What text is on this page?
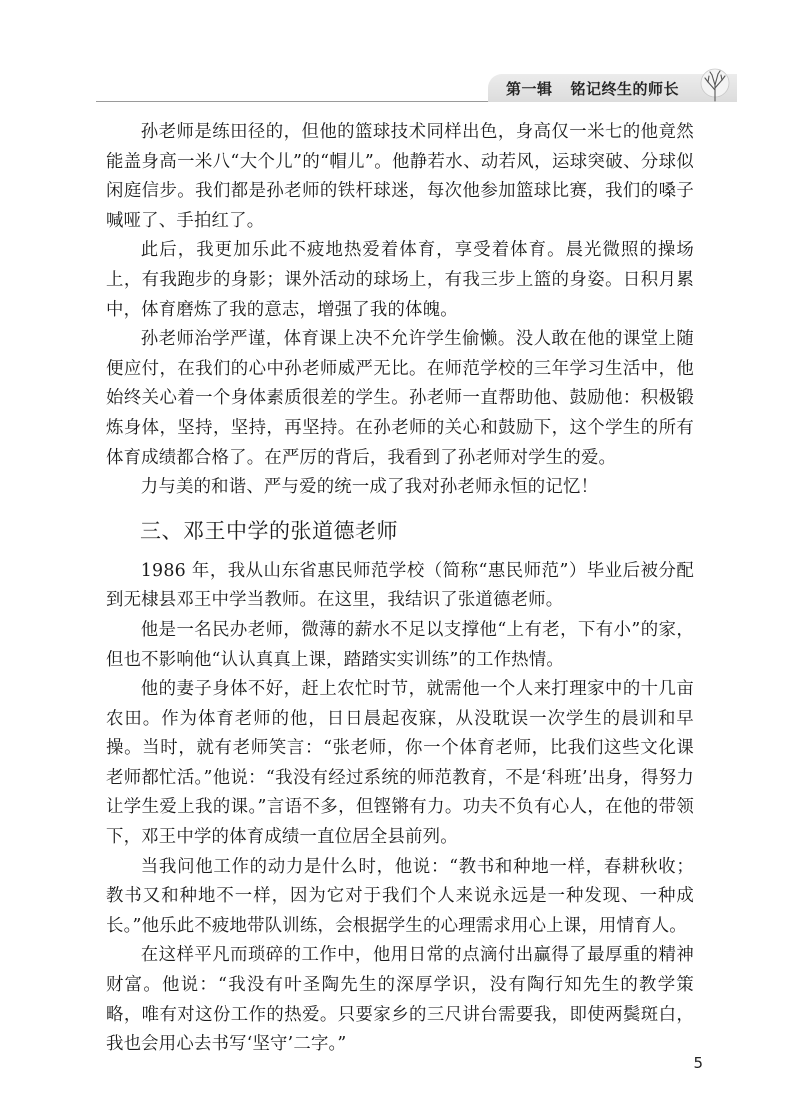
第一辑 铭记终生的师长

孙老师是练田径的，但他的篮球技术同样出色，身高仅一米七的他竟然能盖身高一米八“大个儿”的“帽儿”。他静若水、动若风，运球突破、分球似闲庭信步。我们都是孙老师的铁杆球迷，每次他参加篮球比赛，我们的嗓子喊哑了、手拍红了。

此后，我更加乐此不疲地热爱着体育，享受着体育。晨光微照的操场上，有我跑步的身影；课外活动的球场上，有我三步上篮的身姿。日积月累中，体育磨炼了我的意志，增强了我的体魄。

孙老师治学严谨，体育课上决不允许学生偷懒。没人敢在他的课堂上随便应付，在我们的心中孙老师威严无比。在师范学校的三年学习生活中，他始终关心着一个身体素质很差的学生。孙老师一直帮助他、鼓励他：积极锻炼身体，坚持，坚持，再坚持。在孙老师的关心和鼓励下，这个学生的所有体育成绩都合格了。在严厉的背后，我看到了孙老师对学生的爱。

力与美的和谐、严与爱的统一成了我对孙老师永恒的记忆！

三、邓王中学的张道德老师

1986 年，我从山东省惠民师范学校（简称“惠民师范”）毕业后被分配到无棣县邓王中学当教师。在这里，我结识了张道德老师。

他是一名民办老师，微薄的薪水不足以支撑他“上有老，下有小”的家，但也不影响他“认认真真上课，踏踏实实训练”的工作热情。

他的妻子身体不好，赶上农忙时节，就需他一个人来打理家中的十几亩农田。作为体育老师的他，日日晨起夜寐，从没耽误一次学生的晨训和早操。当时，就有老师笑言：“张老师，你一个体育老师，比我们这些文化课老师都忙活。”他说：“我没有经过系统的师范教育，不是‘科班’出身，得努力让学生爱上我的课。”言语不多，但铿锵有力。功夫不负有心人，在他的带领下，邓王中学的体育成绩一直位居全县前列。

当我问他工作的动力是什么时，他说：“教书和种地一样，春耕秋收；教书又和种地不一样，因为它对于我们个人来说永远是一种发现、一种成长。”他乐此不疲地带队训练，会根据学生的心理需求用心上课，用情育人。

在这样平凡而琐碎的工作中，他用日常的点滴付出赢得了最厚重的精神财富。他说：“我没有叶圣陶先生的深厚学识，没有陶行知先生的教学策略，唯有对这份工作的热爱。只要家乡的三尺讲台需要我，即使两鬓斑白，我也会用心去书写‘坚守’二字。”

5
